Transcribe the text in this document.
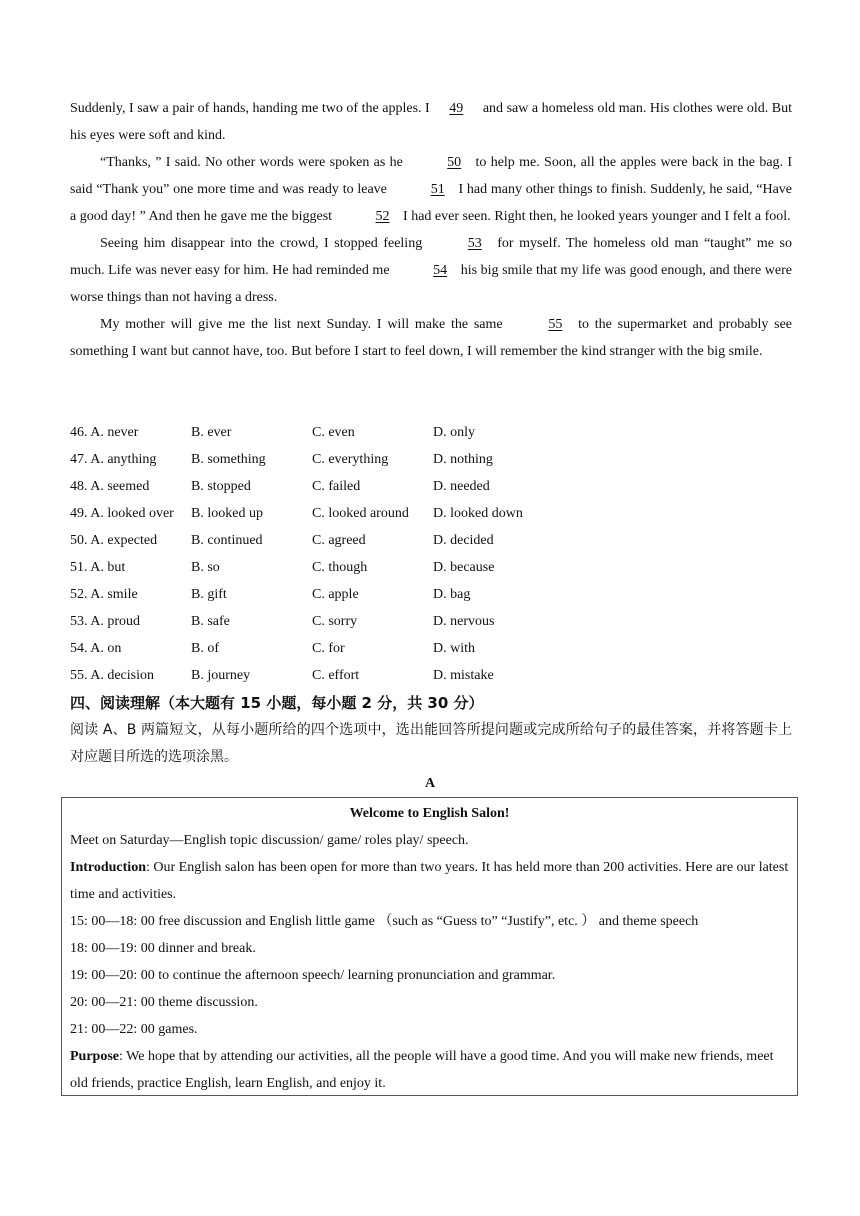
Suddenly, I saw a pair of hands, handing me two of the apples. I 49 and saw a homeless old man. His clothes were old. But his eyes were soft and kind.

“Thanks, ” I said. No other words were spoken as he	50 to help me. Soon, all the apples were back in the bag. I said “Thank you” one more time and was ready to leave	51 I had many other things to finish. Suddenly, he said, “Have a good day! ” And then he gave me the biggest	52 I had ever seen. Right then, he looked years younger and I felt a fool.

Seeing him disappear into the crowd, I stopped feeling	53 for myself. The homeless old man “taught” me so much. Life was never easy for him. He had reminded me	54 his big smile that my life was good enough, and there were worse things than not having a dress.

My mother will give me the list next Sunday. I will make the same	55 to the supermarket and probably see something I want but cannot have, too. But before I start to feel down, I will remember the kind stranger with the big smile.

46. A. never	B. ever	C. even	D. only
47. A. anything B. something	C. everything	D. nothing
48. A. seemed	B. stopped	C. failed	D. needed
49. A. looked over B. looked up	C. looked around D. looked down
50. A. expected B. continued	C. agreed	D. decided
51. A. but	B. so	C. though	D. because
52. A. smile	B. gift	C. apple	D. bag
53. A. proud	B. safe	C. sorry	D. nervous
54. A. on	B. of	C. for	D. with
55. A. decision	B. journey	C. effort	D. mistake
四、阅读理解（本大题有 15 小题，每小题 2 分，共 30 分）
阅读 A、B 两篇短文，从每小题所给的四个选项中，选出能回答所提问题或完成所给句子的最佳答案，并将答题卡上对应题目所选的选项涂黑。
A

Welcome to English Salon!

Meet on Saturday—English topic discussion/ game/ roles play/ speech.

Introduction: Our English salon has been open for more than two years. It has held more than 200 activities. Here are our latest time and activities.

15: 00—18: 00 free discussion and English little game （such as “Guess to” “Justify”, etc. ） and theme speech

18: 00—19: 00 dinner and break.

19: 00—20: 00 to continue the afternoon speech/ learning pronunciation and grammar.

20: 00—21: 00 theme discussion.

21: 00—22: 00 games.

Purpose: We hope that by attending our activities, all the people will have a good time. And you will make new friends, meet old friends, practice English, learn English, and enjoy it.
